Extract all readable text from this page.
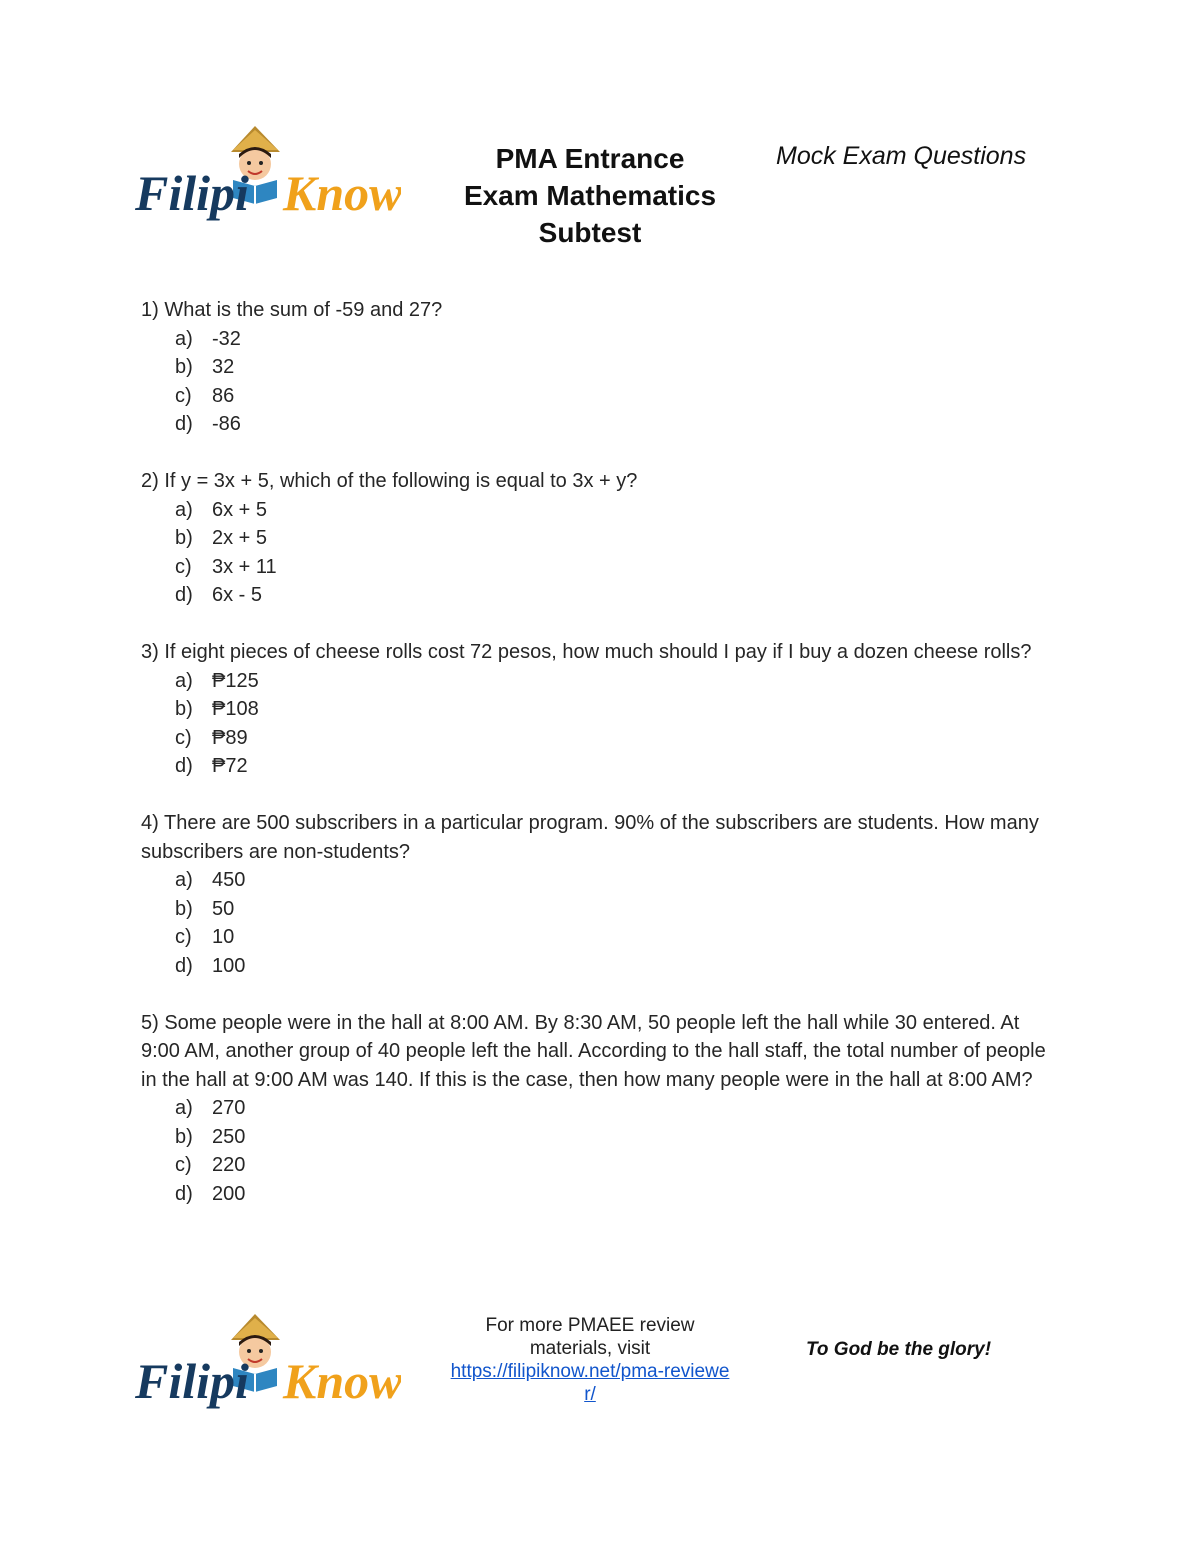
Filipi Know
PMA Entrance
Exam Mathematics
Subtest
Mock Exam Questions
1) What is the sum of -59 and 27?
a) -32
b) 32
c) 86
d) -86
2) If y = 3x + 5, which of the following is equal to 3x + y?
a) 6x + 5
b) 2x + 5
c) 3x + 11
d) 6x - 5
3) If eight pieces of cheese rolls cost 72 pesos, how much should I pay if I buy a dozen cheese rolls?
a) ₱125
b) ₱108
c) ₱89
d) ₱72
4) There are 500 subscribers in a particular program. 90% of the subscribers are students. How many subscribers are non-students?
a) 450
b) 50
c) 10
d) 100
5) Some people were in the hall at 8:00 AM. By 8:30 AM, 50 people left the hall while 30 entered. At 9:00 AM, another group of 40 people left the hall. According to the hall staff, the total number of people in the hall at 9:00 AM was 140. If this is the case, then how many people were in the hall at 8:00 AM?
a) 270
b) 250
c) 220
d) 200
Filipi Know
For more PMAEE review materials, visit
https://filipiknow.net/pma-reviewer/
To God be the glory!
